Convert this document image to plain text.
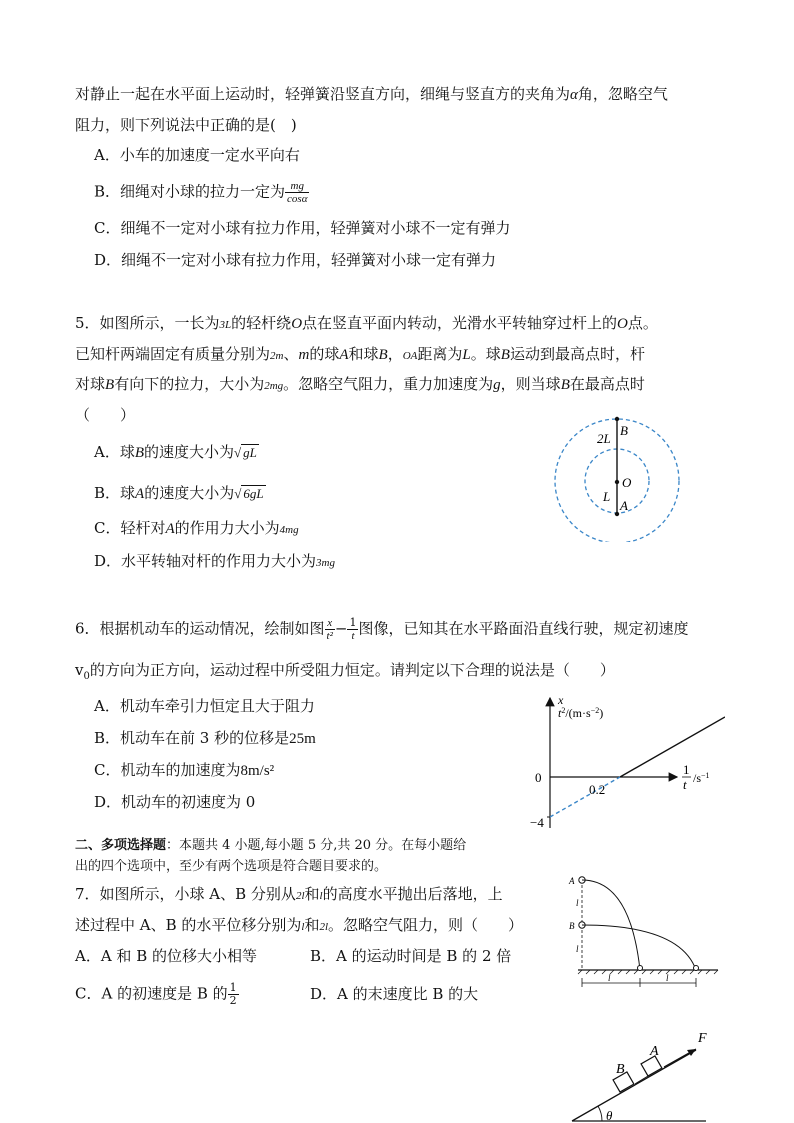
对静止一起在水平面上运动时，轻弹簧沿竖直方向，细绳与竖直方的夹角为α角，忽略空气
阻力，则下列说法中正确的是(　)
A．小车的加速度一定水平向右
B．细绳对小球的拉力一定为 $\frac{mg}{\cos\alpha}$
C．细绳不一定对小球有拉力作用，轻弹簧对小球不一定有弹力
D．细绳不一定对小球有拉力作用，轻弹簧对小球一定有弹力
5．如图所示，一长为3L的轻杆绕O点在竖直平面内转动，光滑水平转轴穿过杆上的O点。
已知杆两端固定有质量分别为2m、m的球A和球B，OA距离为L。球B运动到最高点时，杆
对球B有向下的拉力，大小为2mg。忽略空气阻力，重力加速度为g，则当球B在最高点时
（　　）
A．球B的速度大小为√ gL
B．球A的速度大小为√ 6gL
C．轻杆对A的作用力大小为4mg
D．水平转轴对杆的作用力大小为3mg
2L
B
O
L
A
6．根据机动车的运动情况，绘制如图 $\frac{x}{\text{t²}} - \frac{1}{t}$ 图像，已知其在水平路面沿直线行驶，规定初速度
$v_0$的方向为正方向，运动过程中所受阻力恒定。请判定以下合理的说法是（　　）
A．机动车牵引力恒定且大于阻力
B．机动车在前 3 秒的位移是25m
C．机动车的加速度为8m/s²
D．机动车的初速度为 0
x
$t^2/(m\cdot s^{-2})$
1
t $/s^{-1}$
0
0.2
−4
二、多项选择题：本题共 4 小题,每小题 5 分,共 20 分。在每小题给
出的四个选项中，至少有两个选项是符合题目要求的。
7．如图所示，小球 A、B 分别从2l和l的高度水平抛出后落地，上
述过程中 A、B 的水平位移分别为l和2l。忽略空气阻力，则（　　）
A．A 和 B 的位移大小相等	B．A 的运动时间是 B 的 2 倍
C．A 的初速度是 B 的 $\frac{1}{2}$	D．A 的末速度比 B 的大
A
B
l
l
l	l
θ
B
A
F
